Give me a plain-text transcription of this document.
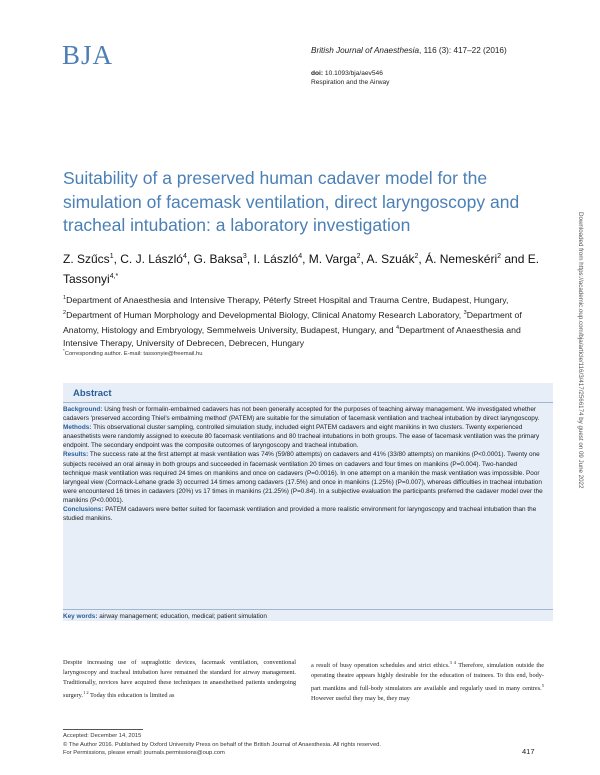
BJA	British Journal of Anaesthesia, 116 (3): 417–22 (2016)
doi: 10.1093/bja/aev546
Respiration and the Airway
Suitability of a preserved human cadaver model for the simulation of facemask ventilation, direct laryngoscopy and tracheal intubation: a laboratory investigation
Z. Szűcs$^1$, C. J. László$^4$, G. Baksa$^3$, I. László$^4$, M. Varga$^2$, A. Szuák$^2$, Á. Nemeskéri$^2$ and E. Tassonyi$^{4,*}$
$^1$Department of Anaesthesia and Intensive Therapy, Péterfy Street Hospital and Trauma Centre, Budapest, Hungary, $^2$Department of Human Morphology and Developmental Biology, Clinical Anatomy Research Laboratory, $^3$Department of Anatomy, Histology and Embryology, Semmelweis University, Budapest, Hungary, and $^4$Department of Anaesthesia and Intensive Therapy, University of Debrecen, Debrecen, Hungary
*Corresponding author. E-mail: tassonyie@freemail.hu	Downloaded from https://academic.oup.com/bja/article/116/3/417/2566174 by guest on 09 June 2022
Abstract

Background: Using fresh or formalin-embalmed cadavers has not been generally accepted for the purposes of teaching airway management. We investigated whether cadavers 'preserved according Thiel's embalming method' (PATEM) are suitable for the simulation of facemask ventilation and tracheal intubation by direct laryngoscopy.

Methods: This observational cluster sampling, controlled simulation study, included eight PATEM cadavers and eight manikins in two clusters. Twenty experienced anaesthetists were randomly assigned to execute 80 facemask ventilations and 80 tracheal intubations in both groups. The ease of facemask ventilation was the primary endpoint. The secondary endpoint was the composite outcomes of laryngoscopy and tracheal intubation.

Results: The success rate at the first attempt at mask ventilation was 74% (59/80 attempts) on cadavers and 41% (33/80 attempts) on manikins (P<0.0001). Twenty one subjects received an oral airway in both groups and succeeded in facemask ventilation 20 times on cadavers and four times on manikins (P=0.004). Two-handed technique mask ventilation was required 24 times on manikins and once on cadavers (P=0.0016). In one attempt on a manikin the mask ventilation was impossible. Poor laryngeal view (Cormack-Lehane grade 3) occurred 14 times among cadavers (17.5%) and once in manikins (1.25%) (P=0.007), whereas difficulties in tracheal intubation were encountered 16 times in cadavers (20%) vs 17 times in manikins (21.25%) (P=0.84). In a subjective evaluation the participants preferred the cadaver model over the manikins (P<0.0001).

Conclusions: PATEM cadavers were better suited for facemask ventilation and provided a more realistic environment for laryngoscopy and tracheal intubation than the studied manikins.

Key words: airway management; education, medical; patient simulation
Despite increasing use of supraglottic devices, facemask ventilation, conventional laryngoscopy and tracheal intubation have remained the standard for airway management. Traditionally, novices have acquired these techniques in anaesthetised patients undergoing surgery.$^{1 2}$ Today this education is limited as
a result of busy operation schedules and strict ethics.$^{3 4}$ Therefore, simulation outside the operating theatre appears highly desirable for the education of trainees. To this end, body-part manikins and full-body simulators are available and regularly used in many centres.$^5$ However useful they may be, they may
Accepted: December 14, 2015
© The Author 2016. Published by Oxford University Press on behalf of the British Journal of Anaesthesia. All rights reserved.
For Permissions, please email: journals.permissions@oup.com	417
